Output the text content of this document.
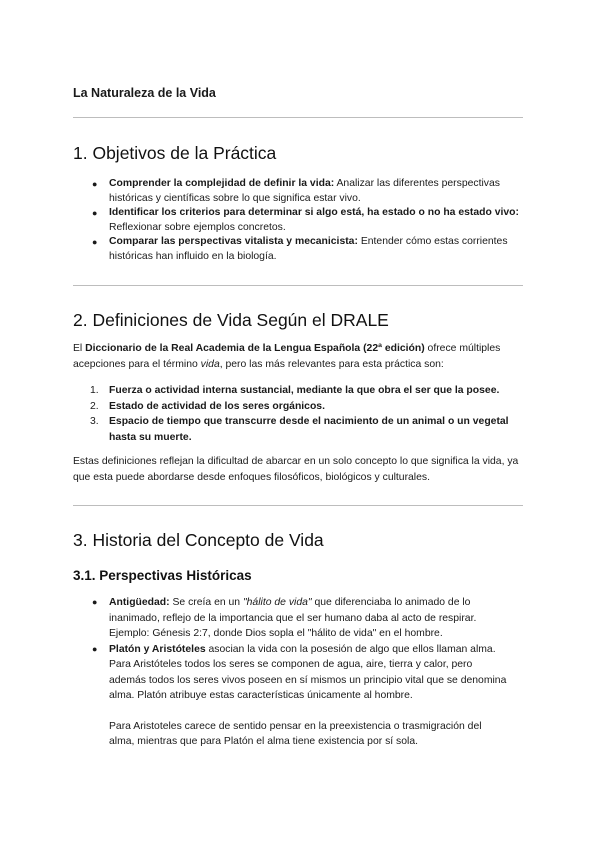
La Naturaleza de la Vida
1. Objetivos de la Práctica
● Comprender la complejidad de definir la vida: Analizar las diferentes perspectivas históricas y científicas sobre lo que significa estar vivo.
● Identificar los criterios para determinar si algo está, ha estado o no ha estado vivo: Reflexionar sobre ejemplos concretos.
● Comparar las perspectivas vitalista y mecanicista: Entender cómo estas corrientes históricas han influido en la biología.
2. Definiciones de Vida Según el DRALE

El Diccionario de la Real Academia de la Lengua Española (22ª edición) ofrece múltiples acepciones para el término vida, pero las más relevantes para esta práctica son:

1. Fuerza o actividad interna sustancial, mediante la que obra el ser que la posee.
2. Estado de actividad de los seres orgánicos.
3. Espacio de tiempo que transcurre desde el nacimiento de un animal o un vegetal hasta su muerte.

Estas definiciones reflejan la dificultad de abarcar en un solo concepto lo que significa la vida, ya que esta puede abordarse desde enfoques filosóficos, biológicos y culturales.

3. Historia del Concepto de Vida
3.1. Perspectivas Históricas
● Antigüedad: Se creía en un "hálito de vida" que diferenciaba lo animado de lo inanimado, reflejo de la importancia que el ser humano daba al acto de respirar. Ejemplo: Génesis 2:7, donde Dios sopla el "hálito de vida" en el hombre.
● Platón y Aristóteles asocian la vida con la posesión de algo que ellos llaman alma. Para Aristóteles todos los seres se componen de agua, aire, tierra y calor, pero además todos los seres vivos poseen en sí mismos un principio vital que se denomina alma. Platón atribuye estas características únicamente al hombre.
Para Aristoteles carece de sentido pensar en la preexistencia o trasmigración del alma, mientras que para Platón el alma tiene existencia por sí sola.
